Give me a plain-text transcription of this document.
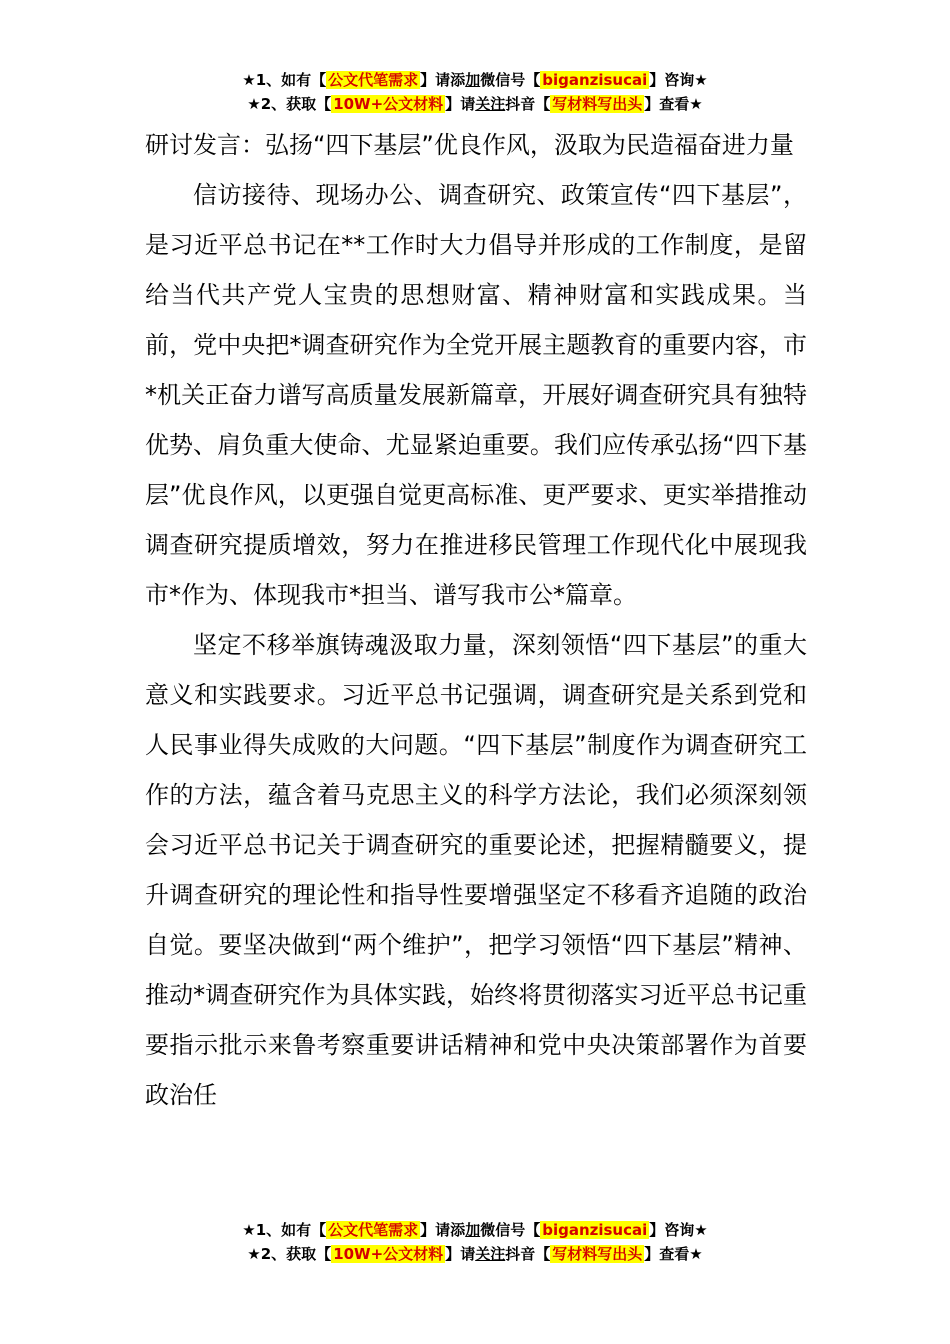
★1、如有【 公文代笔需求 】请添加微信号【 biganzisucai 】咨询★
★2、获取【 10W+公文材料 】请关注抖音【 写材料写出头 】查看★
研讨发言：弘扬“四下基层”优良作风，汲取为民造福奋进力量

信访接待、现场办公、调查研究、政策宣传“四下基层”，是习近平总书记在**工作时大力倡导并形成的工作制度，是留给当代共产党人宝贵的思想财富、精神财富和实践成果。当前，党中央把*调查研究作为全党开展主题教育的重要内容，市*机关正奋力谱写高质量发展新篇章，开展好调查研究具有独特优势、肩负重大使命、尤显紧迫重要。我们应传承弘扬“四下基层”优良作风，以更强自觉更高标准、更严要求、更实举措推动调查研究提质增效，努力在推进移民管理工作现代化中展现我市*作为、体现我市*担当、谱写我市公*篇章。

坚定不移举旗铸魂汲取力量，深刻领悟“四下基层”的重大意义和实践要求。习近平总书记强调，调查研究是关系到党和人民事业得失成败的大问题。“四下基层”制度作为调查研究工作的方法，蕴含着马克思主义的科学方法论，我们必须深刻领会习近平总书记关于调查研究的重要论述，把握精髓要义，提升调查研究的理论性和指导性要增强坚定不移看齐追随的政治自觉。要坚决做到“两个维护”，把学习领悟“四下基层”精神、推动*调查研究作为具体实践，始终将贯彻落实习近平总书记重要指示批示来鲁考察重要讲话精神和党中央决策部署作为首要政治任

★1、如有【 公文代笔需求 】请添加微信号【 biganzisucai 】咨询★
★2、获取【 10W+公文材料 】请关注抖音【 写材料写出头 】查看★
